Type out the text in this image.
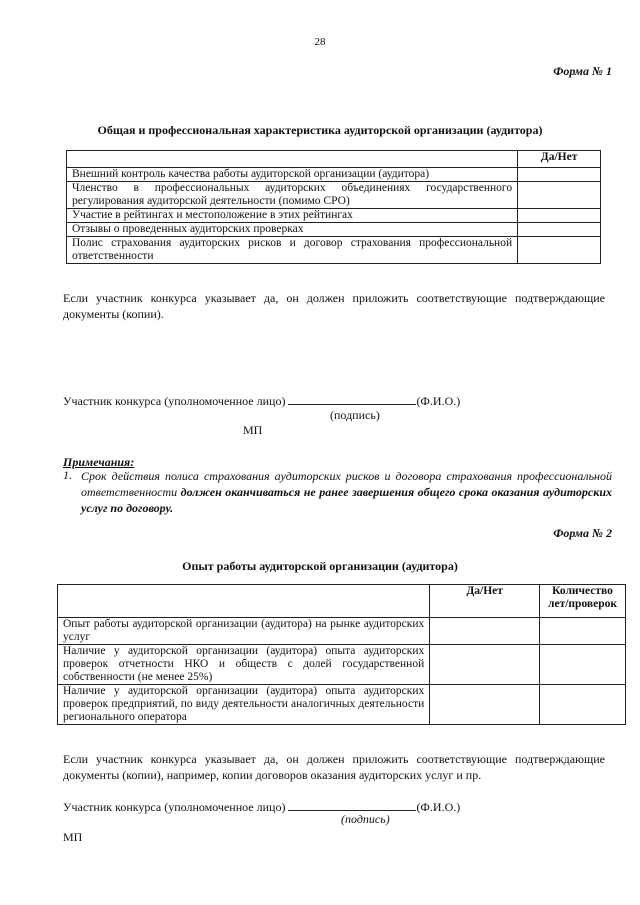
28
Форма № 1
Общая и профессиональная характеристика аудиторской организации (аудитора)
	Да/Нет
Внешний контроль качества работы аудиторской организации (аудитора)	
Членство в профессиональных аудиторских объединениях государственного регулирования аудиторской деятельности (помимо СРО)	
Участие в рейтингах и местоположение в этих рейтингах	
Отзывы о проведенных аудиторских проверках	
Полис страхования аудиторских рисков и договор страхования профессиональной ответственности	
Если участник конкурса указывает да, он должен приложить соответствующие подтверждающие документы (копии).
Участник конкурса (уполномоченное лицо)	(Ф.И.О.)
(подпись)
МП
Примечания:
1. Срок действия полиса страхования аудиторских рисков и договора страхования профессиональной ответственности должен оканчиваться не ранее завершения общего срока оказания аудиторских услуг по договору.
Форма № 2
Опыт работы аудиторской организации (аудитора)
	Да/Нет	Количество лет/проверок
Опыт работы аудиторской организации (аудитора) на рынке аудиторских услуг		
Наличие у аудиторской организации (аудитора) опыта аудиторских проверок отчетности НКО и обществ с долей государственной собственности (не менее 25%)		
Наличие у аудиторской организации (аудитора) опыта аудиторских проверок предприятий, по виду деятельности аналогичных деятельности регионального оператора		
Если участник конкурса указывает да, он должен приложить соответствующие подтверждающие документы (копии), например, копии договоров оказания аудиторских услуг и пр.
Участник конкурса (уполномоченное лицо)	(Ф.И.О.)
(подпись)
МП
